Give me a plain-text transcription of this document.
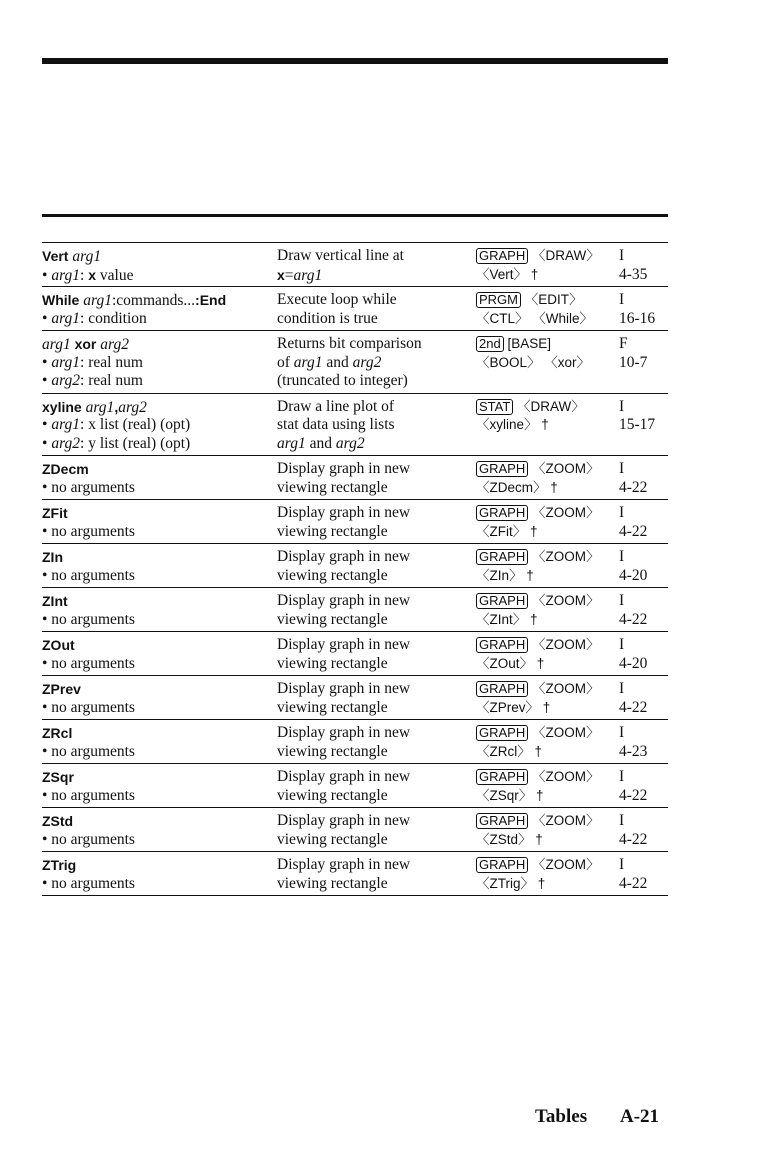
Vert arg1
• arg1: x value
Draw vertical line at
x=arg1
GRAPH 〈DRAW〉
〈Vert〉 †
I
4-35
While arg1:commands...:End
• arg1: condition
Execute loop while
condition is true
PRGM 〈EDIT〉
〈CTL〉 〈While〉
I
16-16
arg1 xor arg2
• arg1: real num
• arg2: real num
Returns bit comparison
of arg1 and arg2
(truncated to integer)
2nd [BASE]
〈BOOL〉 〈xor〉
F
10-7
xyline arg1,arg2
• arg1: x list (real) (opt)
• arg2: y list (real) (opt)
Draw a line plot of
stat data using lists
arg1 and arg2
STAT 〈DRAW〉
〈xyline〉 †
I
15-17
ZDecm
• no arguments
Display graph in new
viewing rectangle
GRAPH 〈ZOOM〉
〈ZDecm〉 †
I
4-22
ZFit
• no arguments
Display graph in new
viewing rectangle
GRAPH 〈ZOOM〉
〈ZFit〉 †
I
4-22
ZIn
• no arguments
Display graph in new
viewing rectangle
GRAPH 〈ZOOM〉
〈ZIn〉 †
I
4-20
ZInt
• no arguments
Display graph in new
viewing rectangle
GRAPH 〈ZOOM〉
〈ZInt〉 †
I
4-22
ZOut
• no arguments
Display graph in new
viewing rectangle
GRAPH 〈ZOOM〉
〈ZOut〉 †
I
4-20
ZPrev
• no arguments
Display graph in new
viewing rectangle
GRAPH 〈ZOOM〉
〈ZPrev〉 †
I
4-22
ZRcl
• no arguments
Display graph in new
viewing rectangle
GRAPH 〈ZOOM〉
〈ZRcl〉 †
I
4-23
ZSqr
• no arguments
Display graph in new
viewing rectangle
GRAPH 〈ZOOM〉
〈ZSqr〉 †
I
4-22
ZStd
• no arguments
Display graph in new
viewing rectangle
GRAPH 〈ZOOM〉
〈ZStd〉 †
I
4-22
ZTrig
• no arguments
Display graph in new
viewing rectangle
GRAPH 〈ZOOM〉
〈ZTrig〉 †
I
4-22
Tables A-21
